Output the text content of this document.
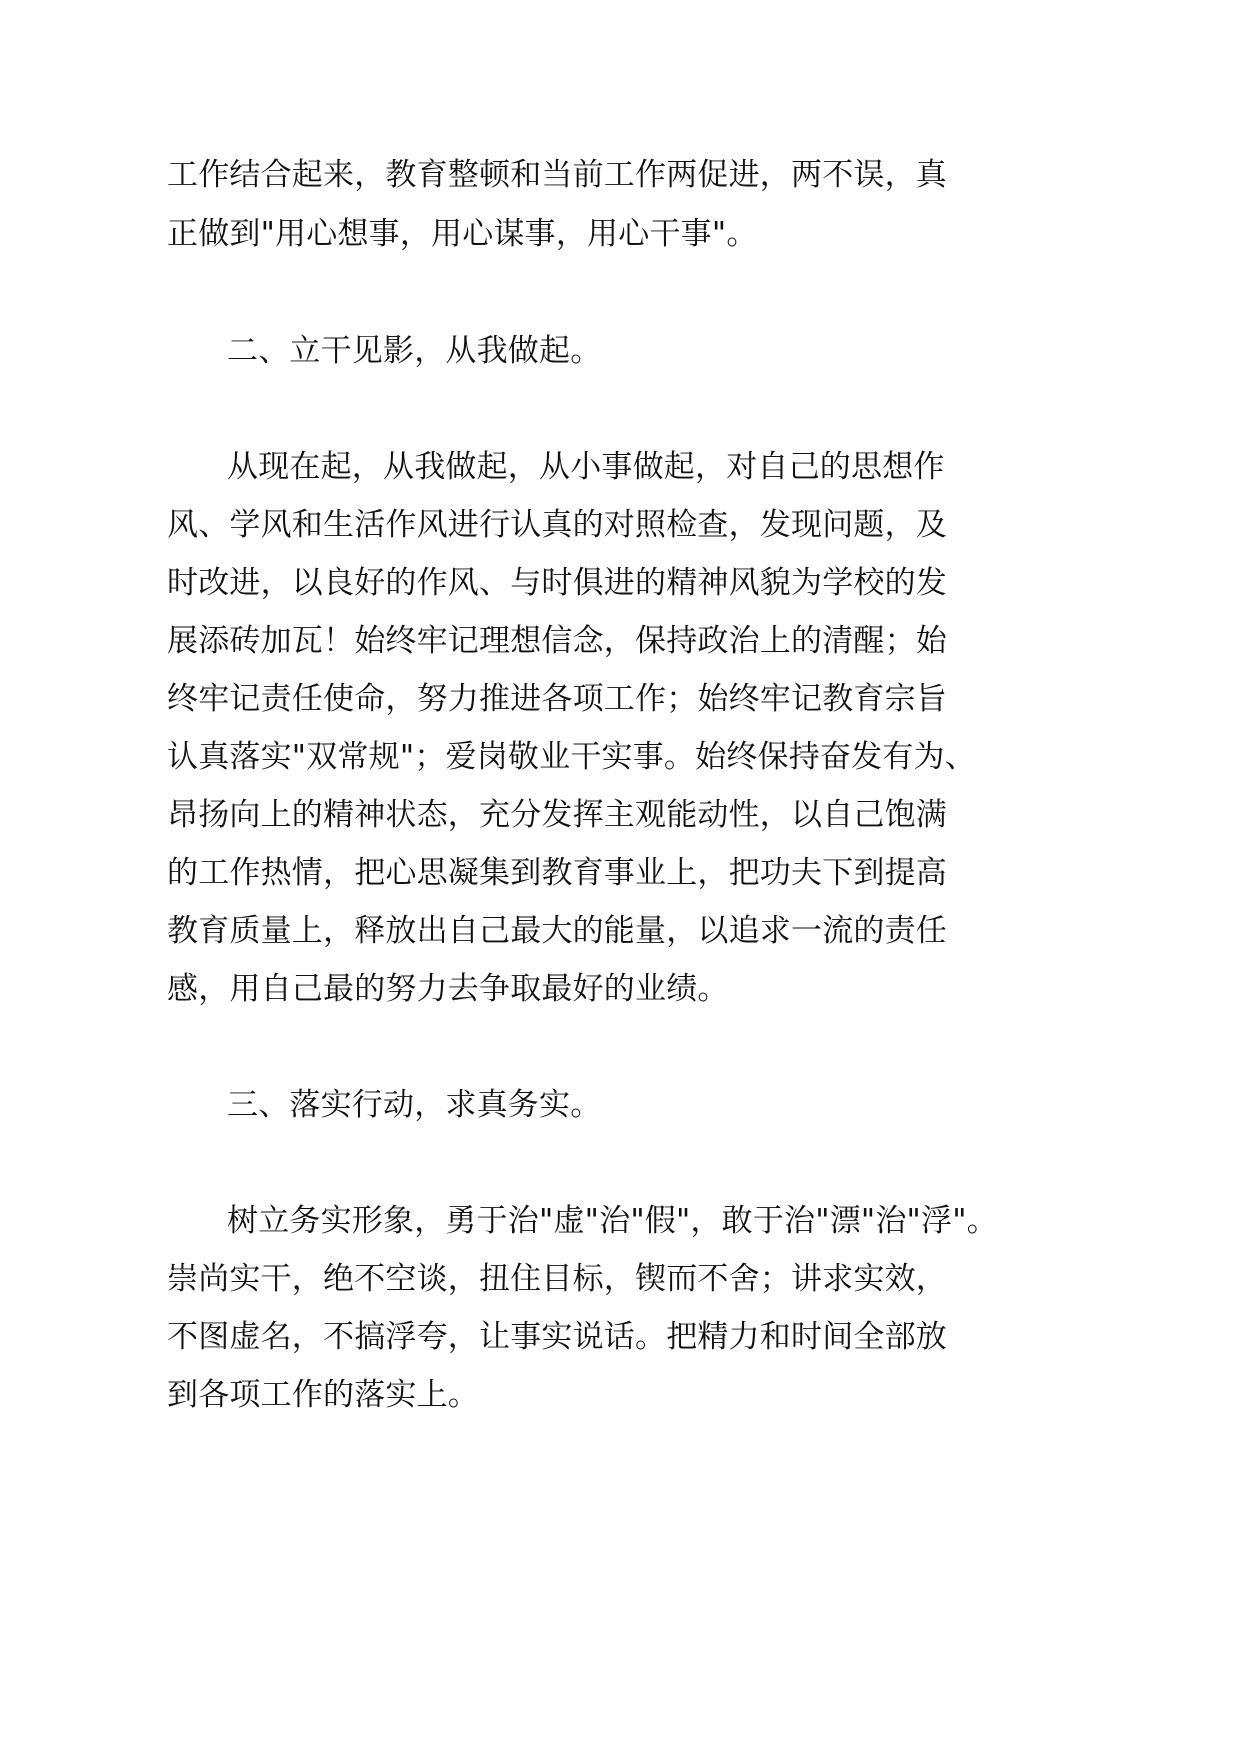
工作结合起来，教育整顿和当前工作两促进，两不误，真
正做到"用心想事，用心谋事，用心干事"。
二、立干见影，从我做起。
从现在起，从我做起，从小事做起，对自己的思想作
风、学风和生活作风进行认真的对照检查，发现问题，及
时改进，以良好的作风、与时俱进的精神风貌为学校的发
展添砖加瓦！始终牢记理想信念，保持政治上的清醒；始
终牢记责任使命，努力推进各项工作；始终牢记教育宗旨
认真落实"双常规"；爱岗敬业干实事。始终保持奋发有为、
昂扬向上的精神状态，充分发挥主观能动性，以自己饱满
的工作热情，把心思凝集到教育事业上，把功夫下到提高
教育质量上，释放出自己最大的能量，以追求一流的责任
感，用自己最的努力去争取最好的业绩。
三、落实行动，求真务实。
树立务实形象，勇于治"虚"治"假"，敢于治"漂"治"浮"。
崇尚实干，绝不空谈，扭住目标，锲而不舍；讲求实效，
不图虚名，不搞浮夸，让事实说话。把精力和时间全部放
到各项工作的落实上。
